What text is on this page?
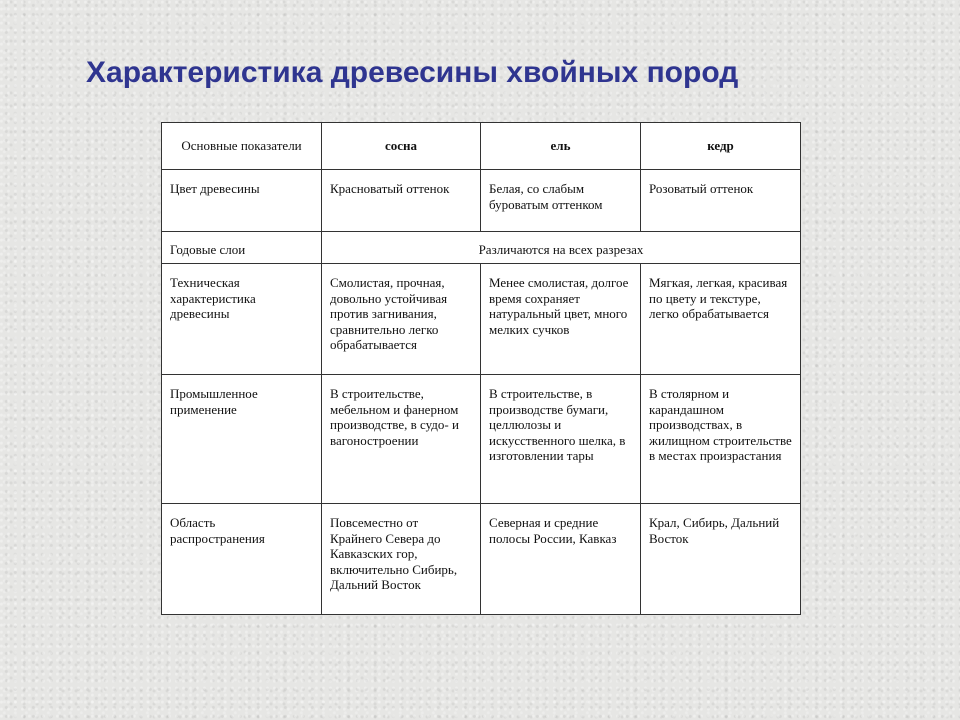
Характеристика древесины хвойных пород
Основные показатели	сосна	ель	кедр
Цвет древесины	Красноватый оттенок	Белая, со слабым буроватым оттенком	Розоватый оттенок
Годовые слои	Различаются на всех разрезах		
Техническая характеристика древесины	Смолистая, прочная, довольно устойчивая против загнивания, сравнительно легко обрабатывается	Менее смолистая, долгое время сохраняет натуральный цвет, много мелких сучков	Мягкая, легкая, красивая по цвету и текстуре, легко обрабатывается
Промышленное применение	В строительстве, мебельном и фанерном производстве, в судо- и вагоностроении	В строительстве, в производстве бумаги, целлюлозы и искусственного шелка, в изготовлении тары	В столярном и карандашном производствах, в жилищном строительстве в местах произрастания
Область распространения	Повсеместно от Крайнего Севера до Кавказских гор, включительно Сибирь, Дальний Восток	Северная и средние полосы России, Кавказ	Крал, Сибирь, Дальний Восток
